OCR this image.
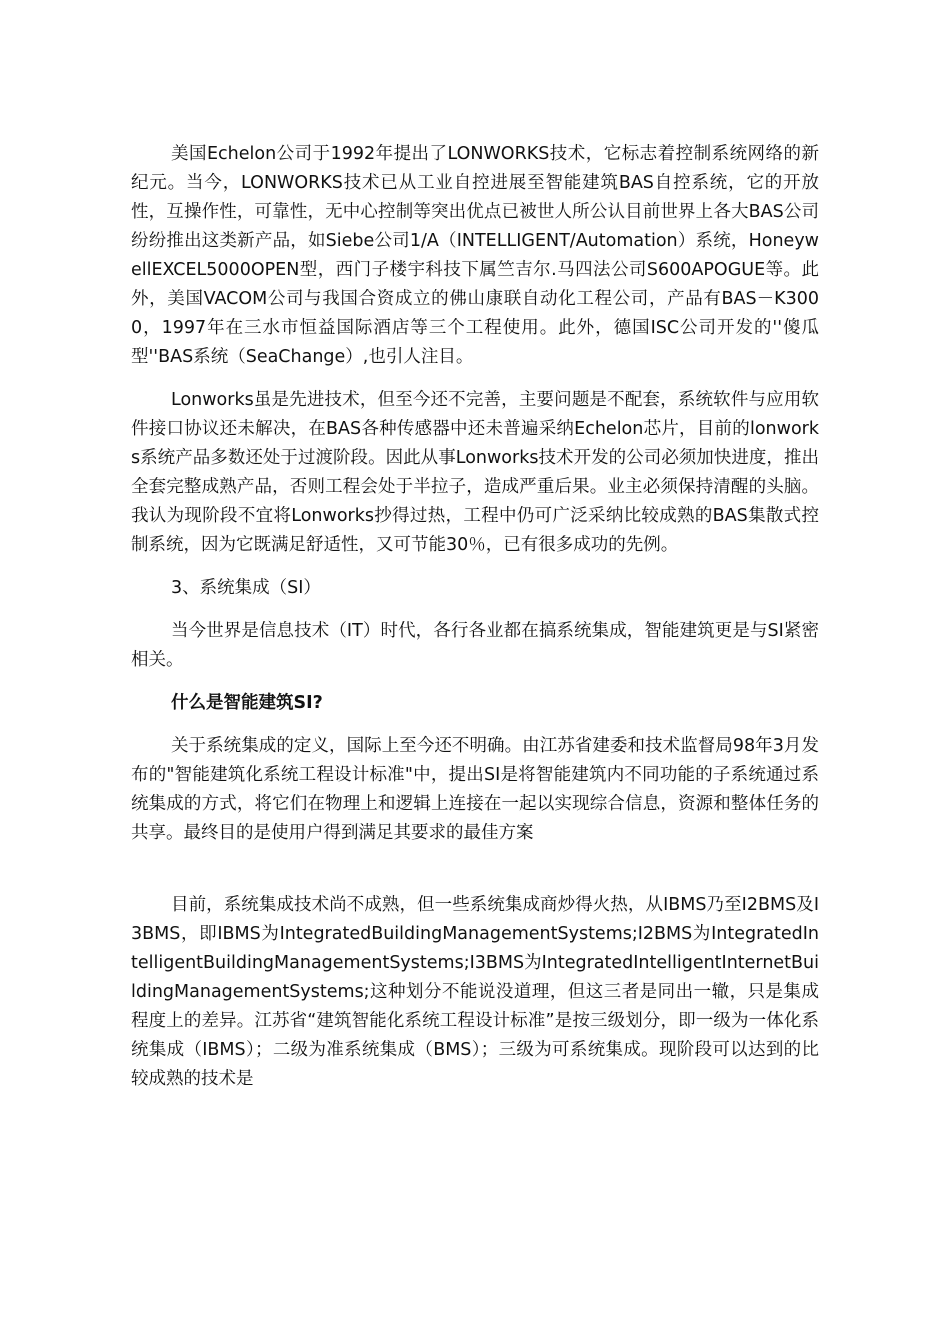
美国Echelon公司于1992年提出了LONWORKS技术，它标志着控制系统网络的新纪元。当今，LONWORKS技术已从工业自控进展至智能建筑BAS自控系统，它的开放性，互操作性，可靠性，无中心控制等突出优点已被世人所公认目前世界上各大BAS公司纷纷推出这类新产品，如Siebe公司1/A（INTELLIGENT/Automation）系统，HoneywellEXCEL5000OPEN型，西门子楼宇科技下属竺吉尔.马四法公司S600APOGUE等。此外，美国VACOM公司与我国合资成立的佛山康联自动化工程公司，产品有BAS－K3000，1997年在三水市恒益国际酒店等三个工程使用。此外，德国ISC公司开发的''傻瓜型''BAS系统（SeaChange）,也引人注目。

Lonworks虽是先进技术，但至今还不完善，主要问题是不配套，系统软件与应用软件接口协议还未解决，在BAS各种传感器中还未普遍采纳Echelon芯片，目前的lonworks系统产品多数还处于过渡阶段。因此从事Lonworks技术开发的公司必须加快进度，推出全套完整成熟产品，否则工程会处于半拉子，造成严重后果。业主必须保持清醒的头脑。我认为现阶段不宜将Lonworks抄得过热，工程中仍可广泛采纳比较成熟的BAS集散式控制系统，因为它既满足舒适性，又可节能30％，已有很多成功的先例。

3、系统集成（SI）

当今世界是信息技术（IT）时代，各行各业都在搞系统集成，智能建筑更是与SI紧密相关。

什么是智能建筑SI?

关于系统集成的定义，国际上至今还不明确。由江苏省建委和技术监督局98年3月发布的"智能建筑化系统工程设计标准"中，提出SI是将智能建筑内不同功能的子系统通过系统集成的方式，将它们在物理上和逻辑上连接在一起以实现综合信息，资源和整体任务的共享。最终目的是使用户得到满足其要求的最佳方案

目前，系统集成技术尚不成熟，但一些系统集成商炒得火热，从IBMS乃至I2BMS及I3BMS，即IBMS为IntegratedBuildingManagementSystems;I2BMS为IntegratedIntelligentBuildingManagementSystems;I3BMS为IntegratedIntelligentInternetBuildingManagementSystems;这种划分不能说没道理，但这三者是同出一辙，只是集成程度上的差异。江苏省“建筑智能化系统工程设计标准”是按三级划分，即一级为一体化系统集成（IBMS）；二级为准系统集成（BMS）；三级为可系统集成。现阶段可以达到的比较成熟的技术是
